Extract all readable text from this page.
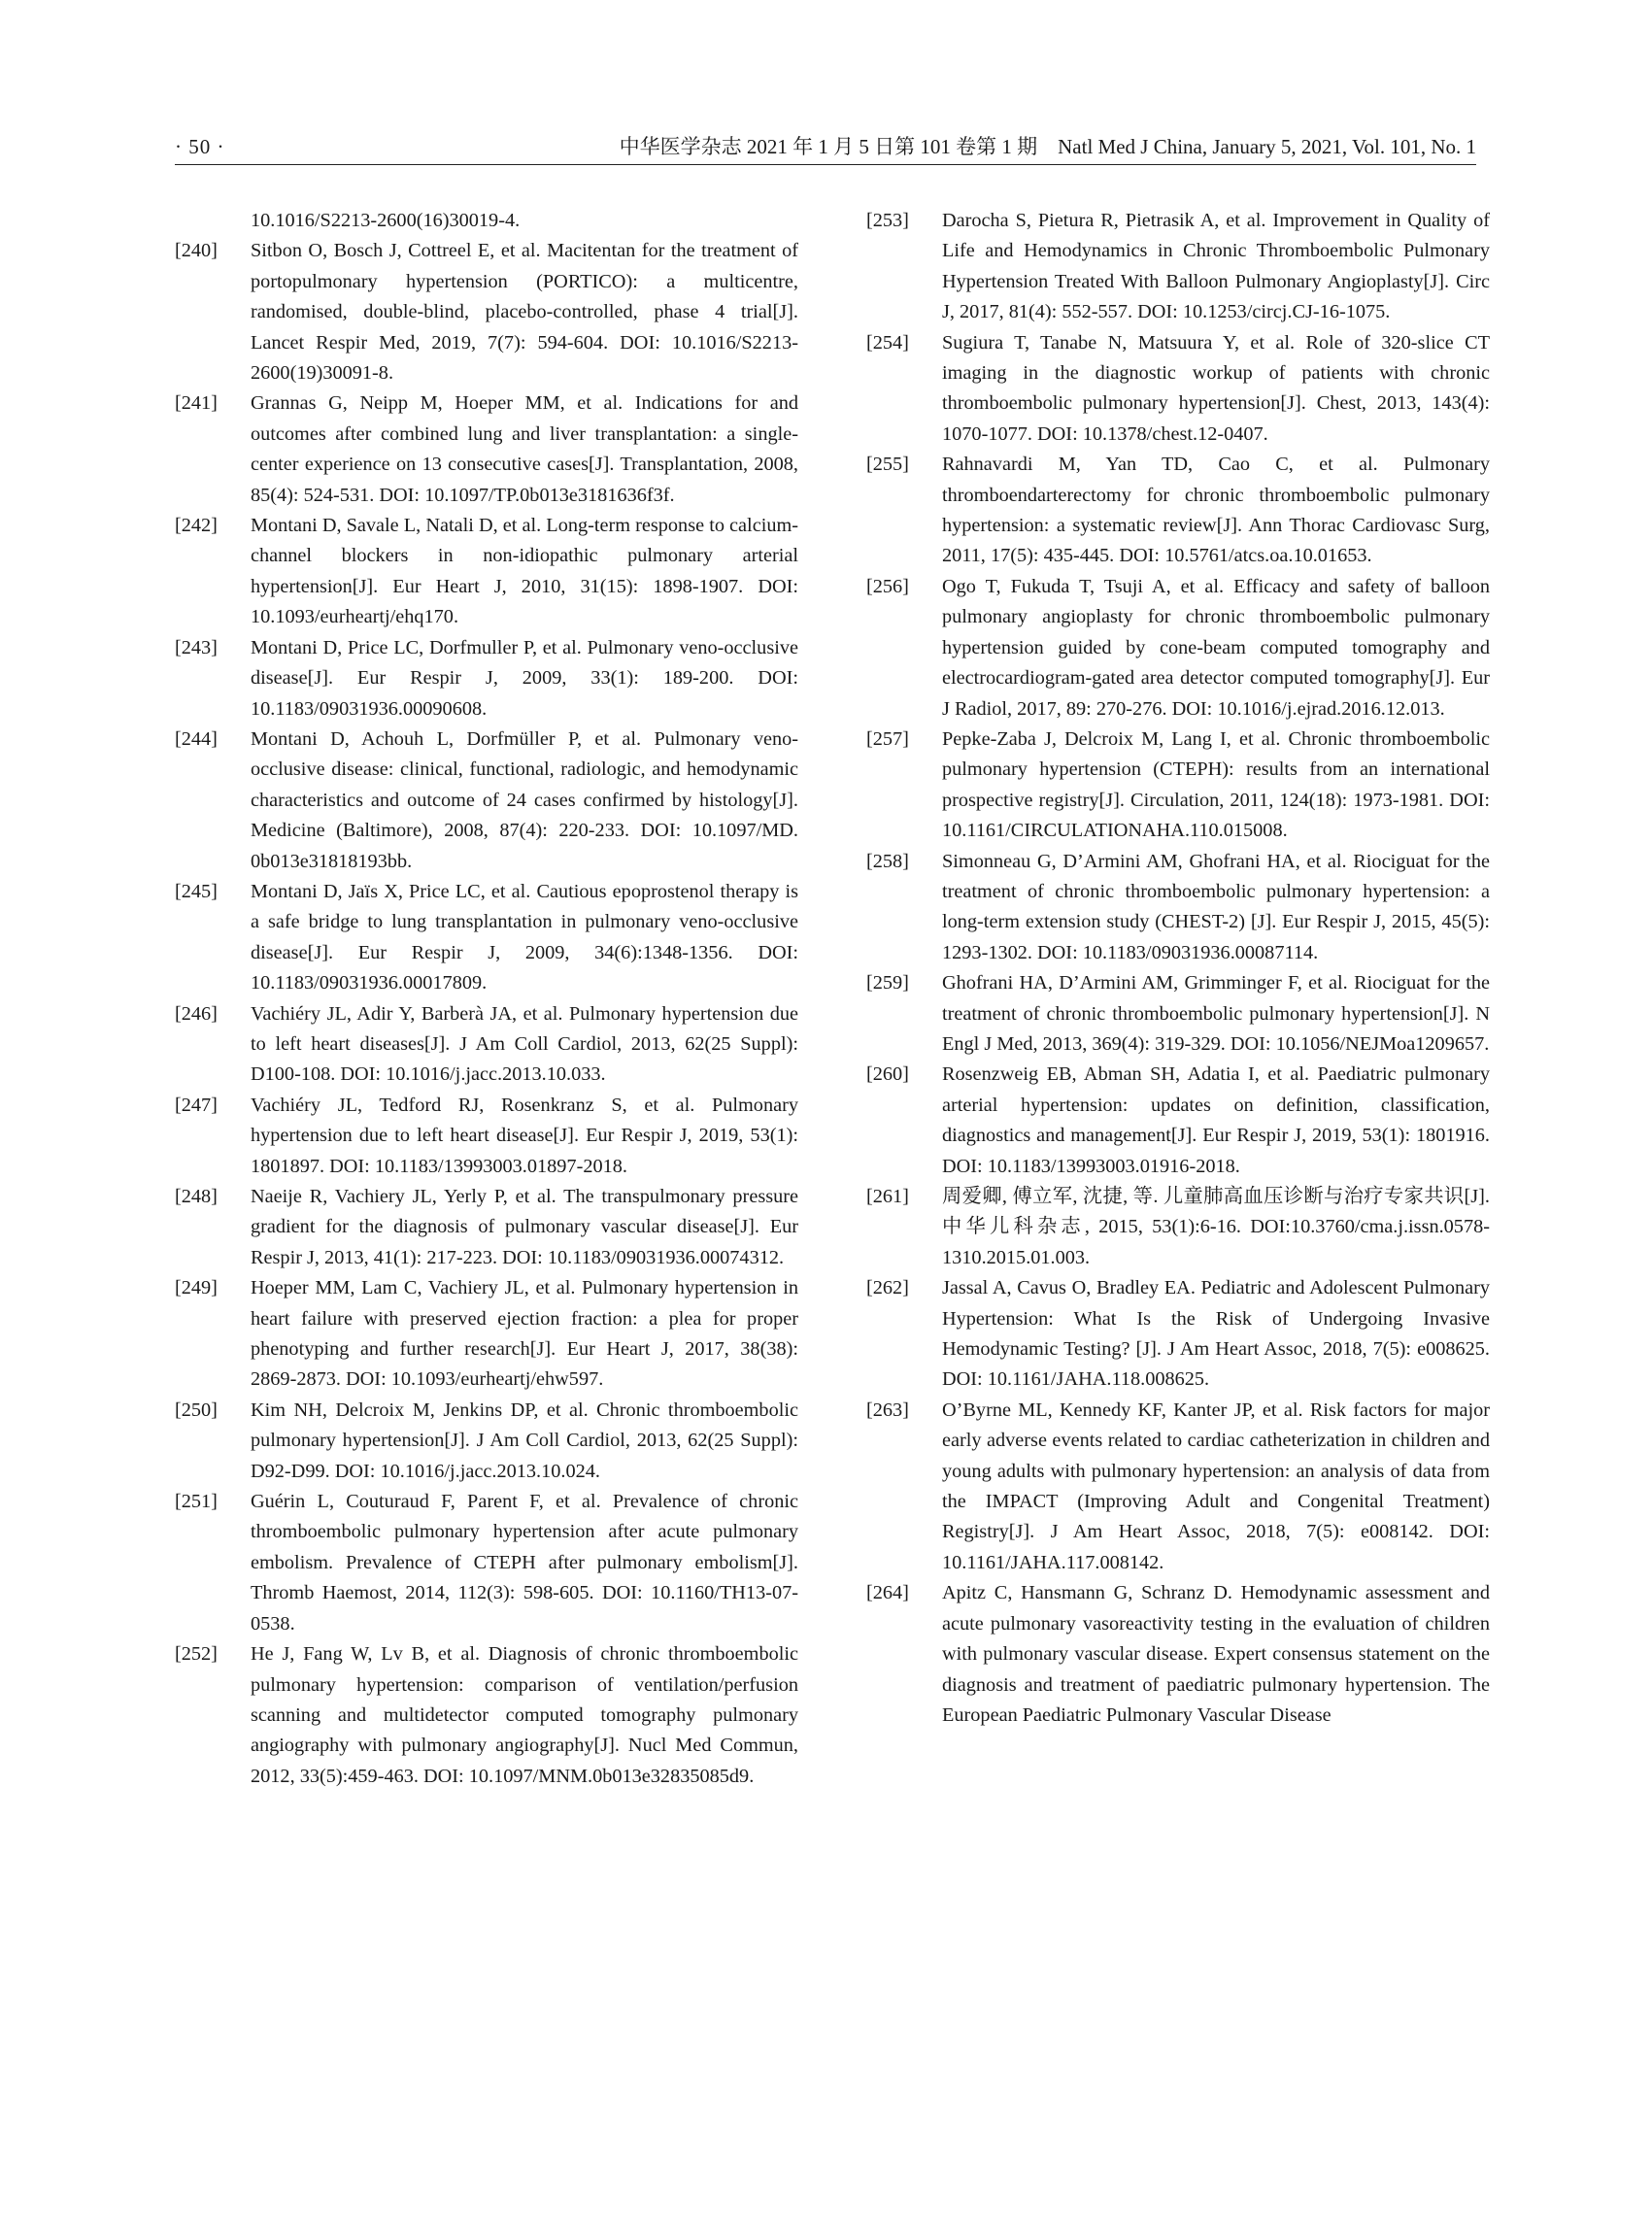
· 50 ·	中华医学杂志 2021 年 1 月 5 日第 101 卷第 1 期　Natl Med J China, January 5, 2021, Vol. 101, No. 1
10.1016/S2213-2600(16)30019-4.
[240]	Sitbon O, Bosch J, Cottreel E, et al. Macitentan for the treatment of portopulmonary hypertension (PORTICO): a multicentre, randomised, double-blind, placebo-controlled, phase 4 trial[J]. Lancet Respir Med, 2019, 7(7): 594-604. DOI: 10.1016/S2213-2600(19)30091-8.
[241]	Grannas G, Neipp M, Hoeper MM, et al. Indications for and outcomes after combined lung and liver transplantation: a single-center experience on 13 consecutive cases[J]. Transplantation, 2008, 85(4): 524-531. DOI: 10.1097/TP.0b013e3181636f3f.
[242]	Montani D, Savale L, Natali D, et al. Long-term response to calcium-channel blockers in non-idiopathic pulmonary arterial hypertension[J]. Eur Heart J, 2010, 31(15): 1898-1907. DOI: 10.1093/eurheartj/ehq170.
[243]	Montani D, Price LC, Dorfmuller P, et al. Pulmonary veno-occlusive disease[J]. Eur Respir J, 2009, 33(1): 189-200. DOI: 10.1183/09031936.00090608.
[244]	Montani D, Achouh L, Dorfmüller P, et al. Pulmonary veno-occlusive disease: clinical, functional, radiologic, and hemodynamic characteristics and outcome of 24 cases confirmed by histology[J]. Medicine (Baltimore), 2008, 87(4): 220-233. DOI: 10.1097/MD. 0b013e31818193bb.
[245]	Montani D, Jaïs X, Price LC, et al. Cautious epoprostenol therapy is a safe bridge to lung transplantation in pulmonary veno-occlusive disease[J]. Eur Respir J, 2009, 34(6):1348-1356. DOI: 10.1183/09031936.00017809.
[246]	Vachiéry JL, Adir Y, Barberà JA, et al. Pulmonary hypertension due to left heart diseases[J]. J Am Coll Cardiol, 2013, 62(25 Suppl): D100-108. DOI: 10.1016/j.jacc.2013.10.033.
[247]	Vachiéry JL, Tedford RJ, Rosenkranz S, et al. Pulmonary hypertension due to left heart disease[J]. Eur Respir J, 2019, 53(1): 1801897. DOI: 10.1183/13993003.01897-2018.
[248]	Naeije R, Vachiery JL, Yerly P, et al. The transpulmonary pressure gradient for the diagnosis of pulmonary vascular disease[J]. Eur Respir J, 2013, 41(1): 217-223. DOI: 10.1183/09031936.00074312.
[249]	Hoeper MM, Lam C, Vachiery JL, et al. Pulmonary hypertension in heart failure with preserved ejection fraction: a plea for proper phenotyping and further research[J]. Eur Heart J, 2017, 38(38): 2869-2873. DOI: 10.1093/eurheartj/ehw597.
[250]	Kim NH, Delcroix M, Jenkins DP, et al. Chronic thromboembolic pulmonary hypertension[J]. J Am Coll Cardiol, 2013, 62(25 Suppl): D92-D99. DOI: 10.1016/j.jacc.2013.10.024.
[251]	Guérin L, Couturaud F, Parent F, et al. Prevalence of chronic thromboembolic pulmonary hypertension after acute pulmonary embolism. Prevalence of CTEPH after pulmonary embolism[J]. Thromb Haemost, 2014, 112(3): 598-605. DOI: 10.1160/TH13-07-0538.
[252]	He J, Fang W, Lv B, et al. Diagnosis of chronic thromboembolic pulmonary hypertension: comparison of ventilation/perfusion scanning and multidetector computed tomography pulmonary angiography with pulmonary angiography[J]. Nucl Med Commun, 2012, 33(5):459-463. DOI: 10.1097/MNM.0b013e32835085d9.
[253]	Darocha S, Pietura R, Pietrasik A, et al. Improvement in Quality of Life and Hemodynamics in Chronic Thromboembolic Pulmonary Hypertension Treated With Balloon Pulmonary Angioplasty[J]. Circ J, 2017, 81(4): 552-557. DOI: 10.1253/circj.CJ-16-1075.
[254]	Sugiura T, Tanabe N, Matsuura Y, et al. Role of 320-slice CT imaging in the diagnostic workup of patients with chronic thromboembolic pulmonary hypertension[J]. Chest, 2013, 143(4): 1070-1077. DOI: 10.1378/chest.12-0407.
[255]	Rahnavardi M, Yan TD, Cao C, et al. Pulmonary thromboendarterectomy for chronic thromboembolic pulmonary hypertension: a systematic review[J]. Ann Thorac Cardiovasc Surg, 2011, 17(5): 435-445. DOI: 10.5761/atcs.oa.10.01653.
[256]	Ogo T, Fukuda T, Tsuji A, et al. Efficacy and safety of balloon pulmonary angioplasty for chronic thromboembolic pulmonary hypertension guided by cone-beam computed tomography and electrocardiogram-gated area detector computed tomography[J]. Eur J Radiol, 2017, 89: 270-276. DOI: 10.1016/j.ejrad.2016.12.013.
[257]	Pepke-Zaba J, Delcroix M, Lang I, et al. Chronic thromboembolic pulmonary hypertension (CTEPH): results from an international prospective registry[J]. Circulation, 2011, 124(18): 1973-1981. DOI: 10.1161/CIRCULATIONAHA.110.015008.
[258]	Simonneau G, D’Armini AM, Ghofrani HA, et al. Riociguat for the treatment of chronic thromboembolic pulmonary hypertension: a long-term extension study (CHEST-2) [J]. Eur Respir J, 2015, 45(5): 1293-1302. DOI: 10.1183/09031936.00087114.
[259]	Ghofrani HA, D’Armini AM, Grimminger F, et al. Riociguat for the treatment of chronic thromboembolic pulmonary hypertension[J]. N Engl J Med, 2013, 369(4): 319-329. DOI: 10.1056/NEJMoa1209657.
[260]	Rosenzweig EB, Abman SH, Adatia I, et al. Paediatric pulmonary arterial hypertension: updates on definition, classification, diagnostics and management[J]. Eur Respir J, 2019, 53(1): 1801916. DOI: 10.1183/13993003.01916-2018.
[261]	周爱卿, 傅立军, 沈捷, 等. 儿童肺高血压诊断与治疗专家共识[J]. 中华儿科杂志, 2015, 53(1):6-16. DOI:10.3760/cma.j.issn.0578-1310.2015.01.003.
[262]	Jassal A, Cavus O, Bradley EA. Pediatric and Adolescent Pulmonary Hypertension: What Is the Risk of Undergoing Invasive Hemodynamic Testing? [J]. J Am Heart Assoc, 2018, 7(5): e008625. DOI: 10.1161/JAHA.118.008625.
[263]	O’Byrne ML, Kennedy KF, Kanter JP, et al. Risk factors for major early adverse events related to cardiac catheterization in children and young adults with pulmonary hypertension: an analysis of data from the IMPACT (Improving Adult and Congenital Treatment) Registry[J]. J Am Heart Assoc, 2018, 7(5): e008142. DOI: 10.1161/JAHA.117.008142.
[264]	Apitz C, Hansmann G, Schranz D. Hemodynamic assessment and acute pulmonary vasoreactivity testing in the evaluation of children with pulmonary vascular disease. Expert consensus statement on the diagnosis and treatment of paediatric pulmonary hypertension. The European Paediatric Pulmonary Vascular Disease
